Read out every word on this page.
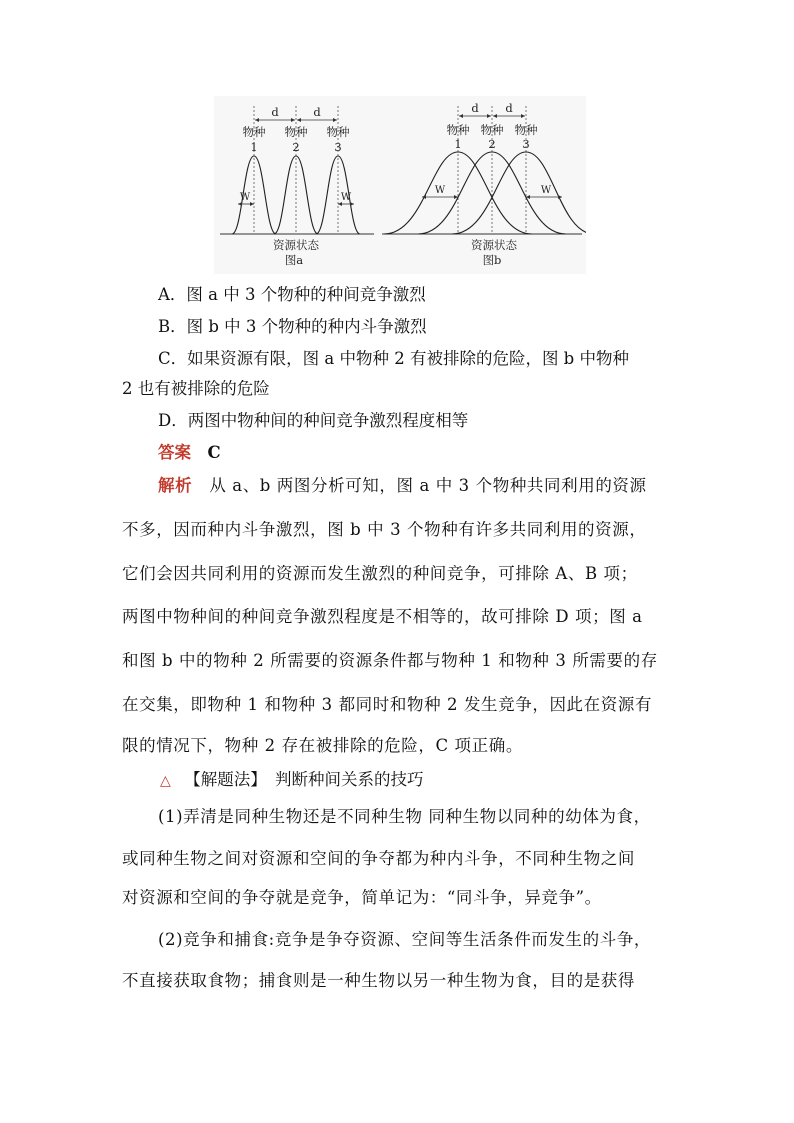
d	d
物种 物种 物种
1	2	3
W	W
资源状态
图a
d d
物种 物种 物种
1 2 3
W	W
资源状态
图b
A．图 a 中 3 个物种的种间竞争激烈
B．图 b 中 3 个物种的种内斗争激烈
C．如果资源有限，图 a 中物种 2 有被排除的危险，图 b 中物种
2 也有被排除的危险
D．两图中物种间的种间竞争激烈程度相等
答案　 C
解析　 从 a、b 两图分析可知，图 a 中 3 个物种共同利用的资源
不多，因而种内斗争激烈，图 b 中 3 个物种有许多共同利用的资源，
它们会因共同利用的资源而发生激烈的种间竞争，可排除 A、B 项；
两图中物种间的种间竞争激烈程度是不相等的，故可排除 D 项；图 a
和图 b 中的物种 2 所需要的资源条件都与物种 1 和物种 3 所需要的存
在交集，即物种 1 和物种 3 都同时和物种 2 发生竞争，因此在资源有
限的情况下，物种 2 存在被排除的危险，C 项正确。
△　 【解题法】　判断种间关系的技巧
(1)弄清是同种生物还是不同种生物 同种生物以同种的幼体为食，
或同种生物之间对资源和空间的争夺都为种内斗争，不同种生物之间
对资源和空间的争夺就是竞争，简单记为：“同斗争，异竞争”。
(2)竞争和捕食:竞争是争夺资源、空间等生活条件而发生的斗争，
不直接获取食物；捕食则是一种生物以另一种生物为食，目的是获得
